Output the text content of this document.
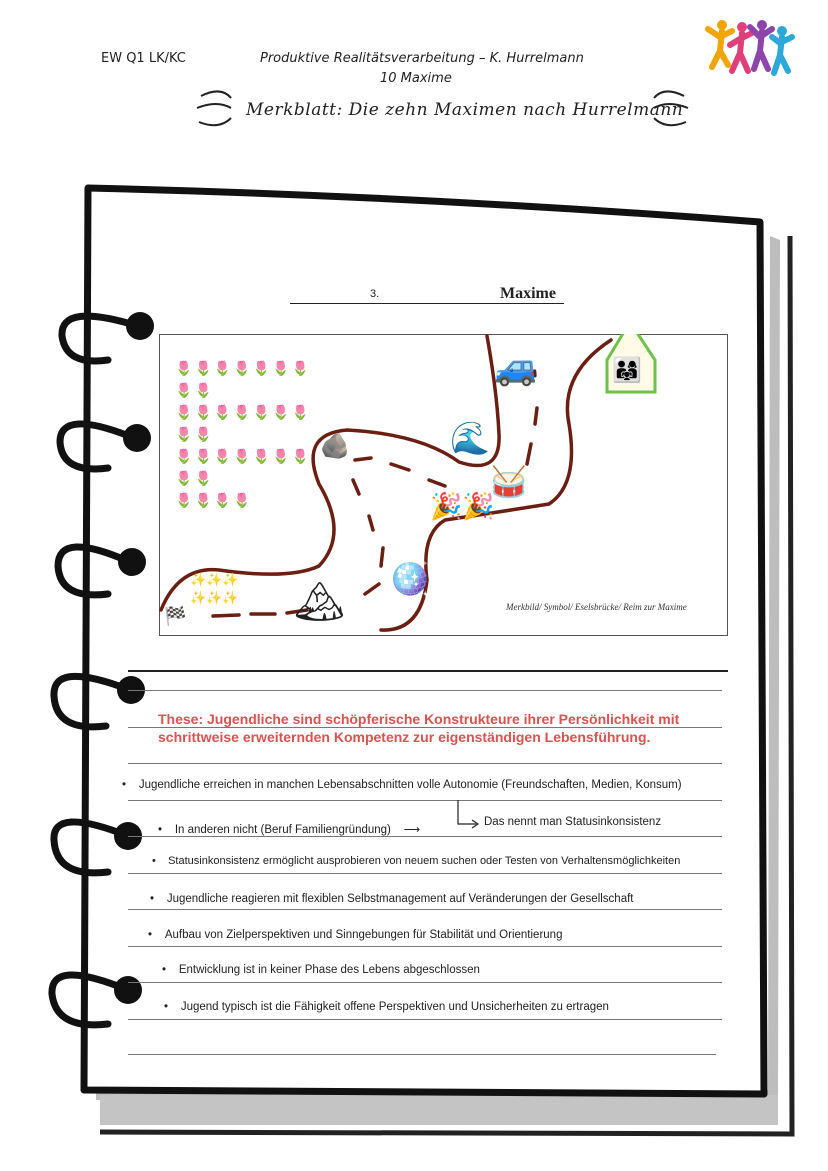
EW Q1 LK/KC	Produktive Realitätsverarbeitung – K. Hurrelmann
10 Maxime
Merkblatt: Die zehn Maximen nach Hurrelmann
3.	Maxime
🌷🌷🌷🌷🌷🌷🌷🌷🌷
🌷🌷🌷🌷🌷🌷🌷🌷🌷
🌷🌷🌷🌷🌷🌷🌷🌷🌷
🌷🌷🌷🌷
🪨	🌊
🚙
🥁
🎉🎉
🪩
🏔
✨✨✨
✨✨✨
🏁
👨‍👩‍👧
Merkbild/ Symbol/ Eselsbrücke/ Reim zur Maxime
These: Jugendliche sind schöpferische Konstrukteure ihrer Persönlichkeit mit
schrittweise erweiternden Kompetenz zur eigenständigen Lebensführung.
• Jugendliche erreichen in manchen Lebensabschnitten volle Autonomie (Freundschaften, Medien, Konsum)
• In anderen nicht (Beruf Familiengründung) ⟶
Das nennt man Statusinkonsistenz
• Statusinkonsistenz ermöglicht ausprobieren von neuem suchen oder Testen von Verhaltensmöglichkeiten
• Jugendliche reagieren mit flexiblen Selbstmanagement auf Veränderungen der Gesellschaft
• Aufbau von Zielperspektiven und Sinngebungen für Stabilität und Orientierung
• Entwicklung ist in keiner Phase des Lebens abgeschlossen
• Jugend typisch ist die Fähigkeit offene Perspektiven und Unsicherheiten zu ertragen
